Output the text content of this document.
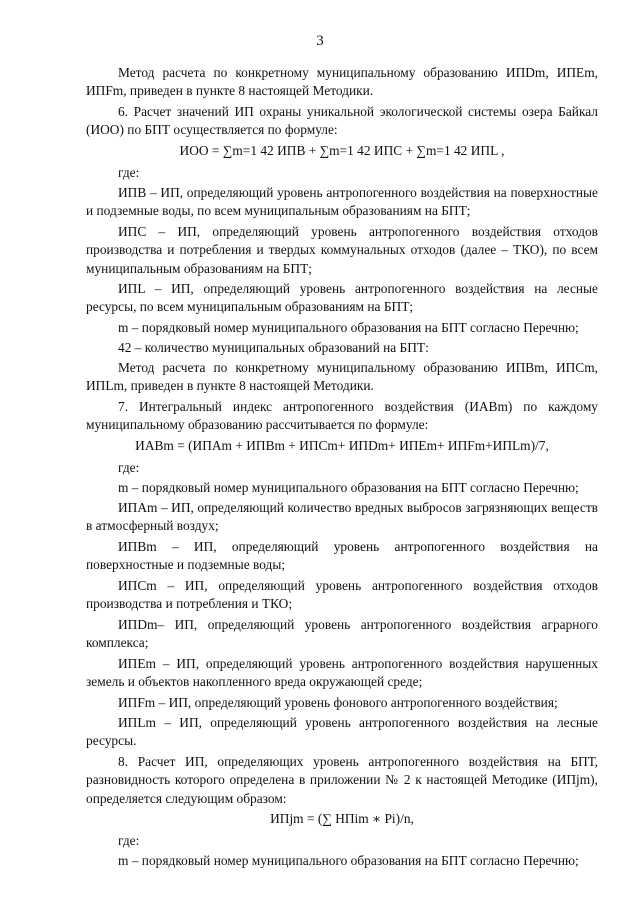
3
Метод расчета по конкретному муниципальному образованию ИПDm, ИПEm, ИПFm, приведен в пункте 8 настоящей Методики.
6. Расчет значений ИП охраны уникальной экологической системы озера Байкал (ИОО) по БПТ осуществляется по формуле:
ИОО = ∑m=1 42 ИПB + ∑m=1 42 ИПC + ∑m=1 42 ИПL ,
где:
ИПB – ИП, определяющий уровень антропогенного воздействия на поверхностные и подземные воды, по всем муниципальным образованиям на БПТ;
ИПC – ИП, определяющий уровень антропогенного воздействия отходов производства и потребления и твердых коммунальных отходов (далее – ТКО), по всем муниципальным образованиям на БПТ;
ИПL – ИП, определяющий уровень антропогенного воздействия на лесные ресурсы, по всем муниципальным образованиям на БПТ;
m – порядковый номер муниципального образования на БПТ согласно Перечню;
42 – количество муниципальных образований на БПТ:
Метод расчета по конкретному муниципальному образованию ИПBm, ИПCm, ИПLm, приведен в пункте 8 настоящей Методики.
7. Интегральный индекс антропогенного воздействия (ИАВm) по каждому муниципальному образованию рассчитывается по формуле:
ИАВm = (ИПAm + ИПBm + ИПCm+ ИПDm+ ИПEm+ ИПFm+ИПLm)/7,
где:
m – порядковый номер муниципального образования на БПТ согласно Перечню;
ИПAm – ИП, определяющий количество вредных выбросов загрязняющих веществ в атмосферный воздух;
ИПBm – ИП, определяющий уровень антропогенного воздействия на поверхностные и подземные воды;
ИПCm – ИП, определяющий уровень антропогенного воздействия отходов производства и потребления и ТКО;
ИПDm– ИП, определяющий уровень антропогенного воздействия аграрного комплекса;
ИПEm – ИП, определяющий уровень антропогенного воздействия нарушенных земель и объектов накопленного вреда окружающей среде;
ИПFm – ИП, определяющий уровень фонового антропогенного воздействия;
ИПLm – ИП, определяющий уровень антропогенного воздействия на лесные ресурсы.
8. Расчет ИП, определяющих уровень антропогенного воздействия на БПТ, разновидность которого определена в приложении № 2 к настоящей Методике (ИПjm), определяется следующим образом:
ИПjm = (∑ НПim ∗ Pi)/n,
где:
m – порядковый номер муниципального образования на БПТ согласно Перечню;
